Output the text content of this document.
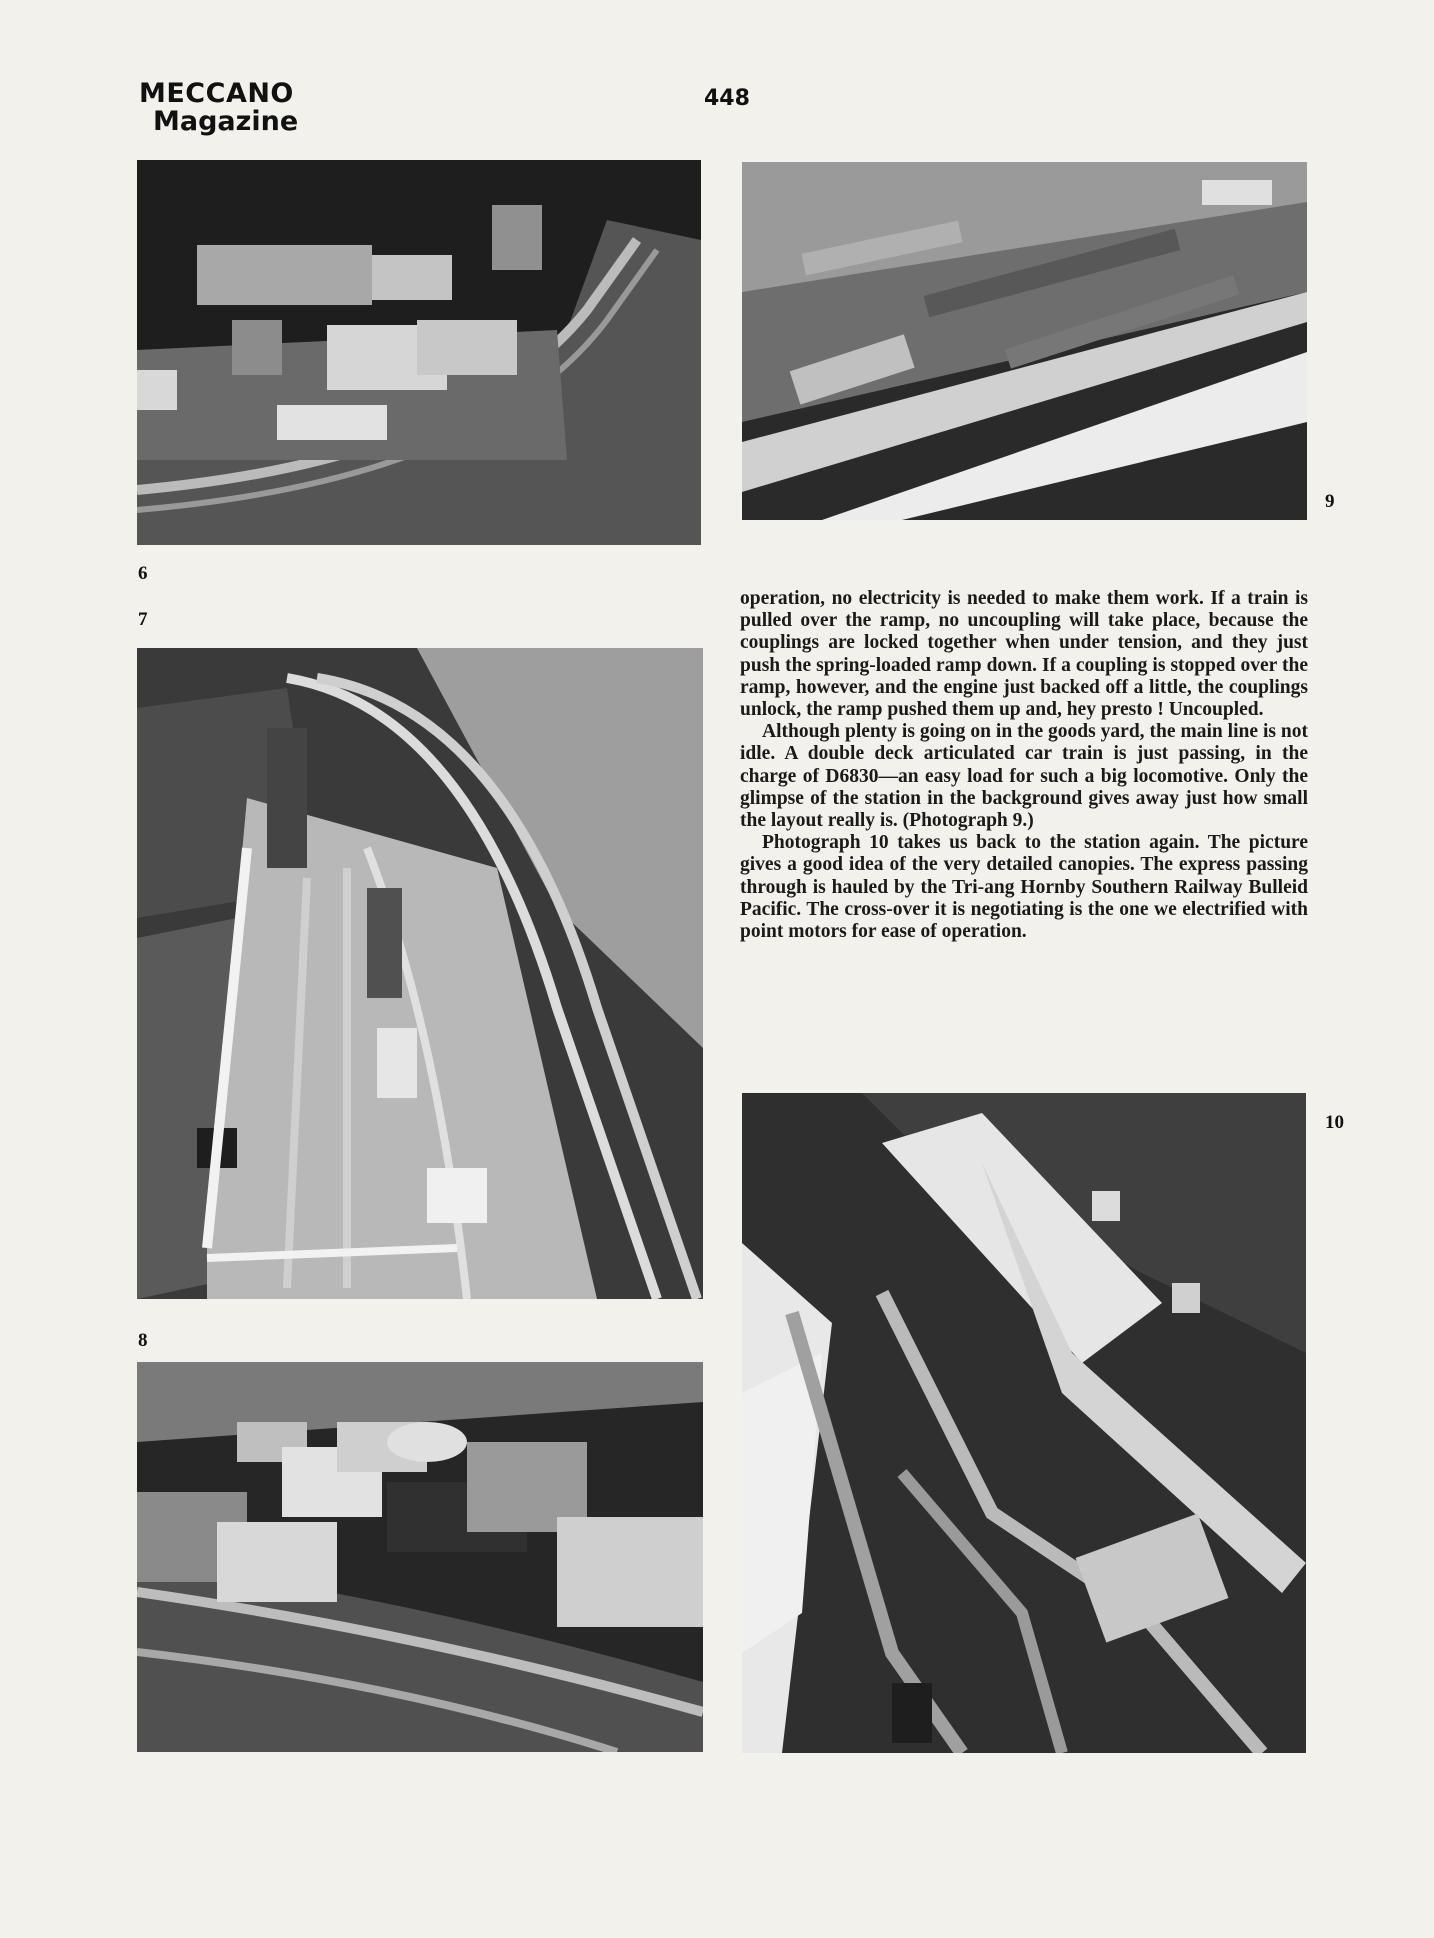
MECCANO
Magazine
448
6
9
7

operation, no electricity is needed to make them work. If a train is pulled over the ramp, no uncoupling will take place, because the couplings are locked together when under tension, and they just push the spring-loaded ramp down. If a coupling is stopped over the ramp, however, and the engine just backed off a little, the couplings unlock, the ramp pushed them up and, hey presto ! Uncoupled.

Although plenty is going on in the goods yard, the main line is not idle. A double deck articulated car train is just passing, in the charge of D6830—an easy load for such a big locomotive. Only the glimpse of the station in the background gives away just how small the layout really is. (Photograph 9.)

Photograph 10 takes us back to the station again. The picture gives a good idea of the very detailed canopies. The express passing through is hauled by the Tri-ang Hornby Southern Railway Bulleid Pacific. The cross-over it is negotiating is the one we electrified with point motors for ease of operation.

8
10
